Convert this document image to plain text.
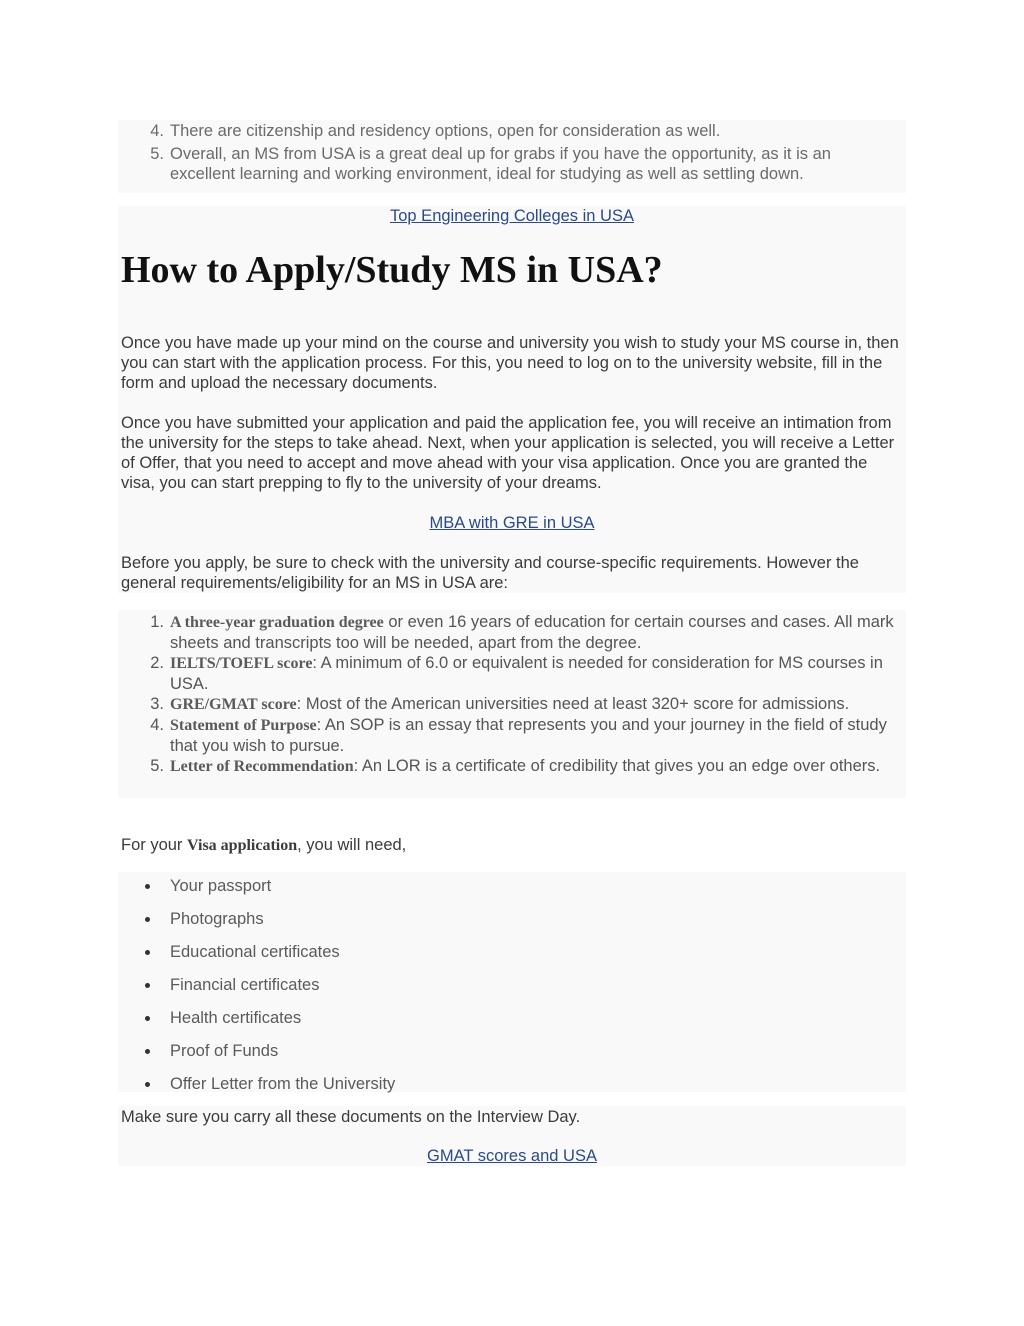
4. There are citizenship and residency options, open for consideration as well.
5. Overall, an MS from USA is a great deal up for grabs if you have the opportunity, as it is an excellent learning and working environment, ideal for studying as well as settling down.
Top Engineering Colleges in USA
How to Apply/Study MS in USA?

Once you have made up your mind on the course and university you wish to study your MS course in, then you can start with the application process. For this, you need to log on to the university website, fill in the form and upload the necessary documents.

Once you have submitted your application and paid the application fee, you will receive an intimation from the university for the steps to take ahead. Next, when your application is selected, you will receive a Letter of Offer, that you need to accept and move ahead with your visa application. Once you are granted the visa, you can start prepping to fly to the university of your dreams.

MBA with GRE in USA

Before you apply, be sure to check with the university and course-specific requirements. However the general requirements/eligibility for an MS in USA are:

1. A three-year graduation degree or even 16 years of education for certain courses and cases. All mark sheets and transcripts too will be needed, apart from the degree.
2. IELTS/TOEFL score: A minimum of 6.0 or equivalent is needed for consideration for MS courses in USA.
3. GRE/GMAT score: Most of the American universities need at least 320+ score for admissions.
4. Statement of Purpose: An SOP is an essay that represents you and your journey in the field of study that you wish to pursue.
5. Letter of Recommendation: An LOR is a certificate of credibility that gives you an edge over others.

For your Visa application, you will need,

Your passport
Photographs
Educational certificates
Financial certificates
Health certificates
Proof of Funds
Offer Letter from the University

Make sure you carry all these documents on the Interview Day.

GMAT scores and USA
